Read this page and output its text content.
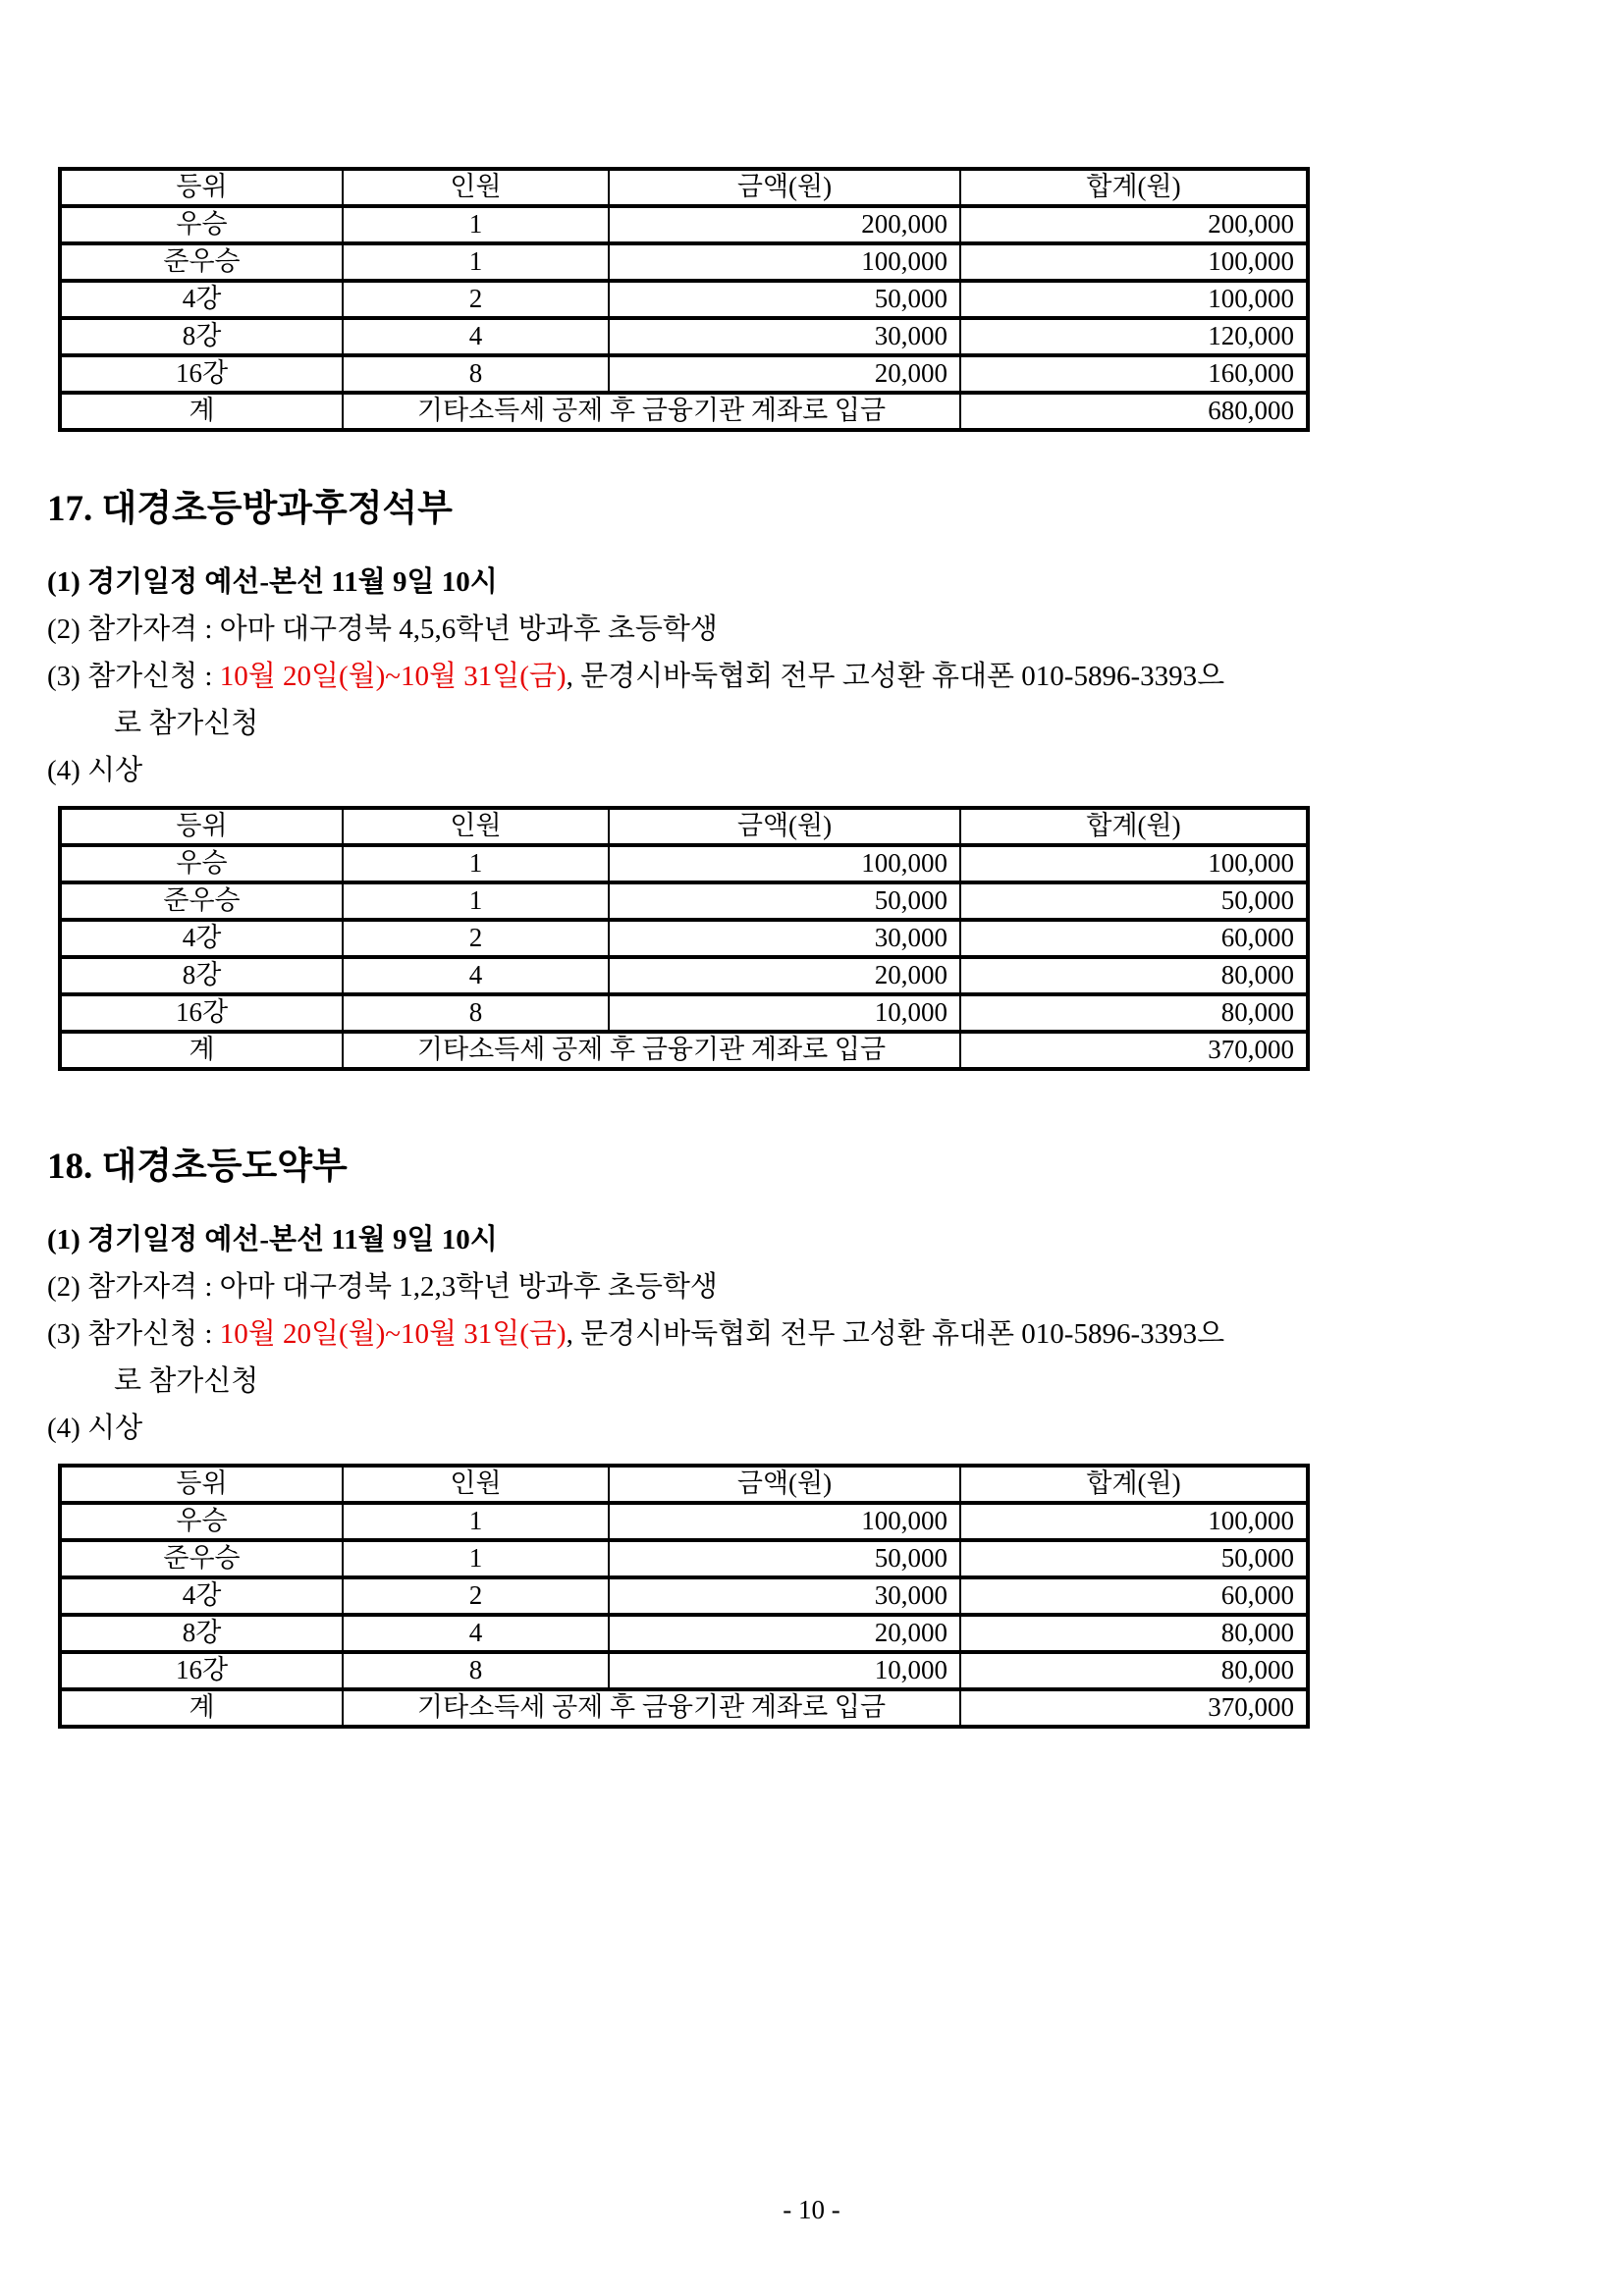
등위	인원	금액(원)	합계(원)
우승	1	200,000	200,000
준우승	1	100,000	100,000
4강	2	50,000	100,000
8강	4	30,000	120,000
16강	8	20,000	160,000
계	기타소득세 공제 후 금융기관 계좌로 입금		680,000
17. 대경초등방과후정석부
(1) 경기일정 예선-본선 11월 9일 10시
(2) 참가자격 : 아마 대구경북 4,5,6학년 방과후 초등학생
(3) 참가신청 : 10월 20일(월)~10월 31일(금), 문경시바둑협회 전무 고성환 휴대폰 010-5896-3393으
로 참가신청
(4) 시상
등위	인원	금액(원)	합계(원)
우승	1	100,000	100,000
준우승	1	50,000	50,000
4강	2	30,000	60,000
8강	4	20,000	80,000
16강	8	10,000	80,000
계	기타소득세 공제 후 금융기관 계좌로 입금		370,000
18. 대경초등도약부
(1) 경기일정 예선-본선 11월 9일 10시
(2) 참가자격 : 아마 대구경북 1,2,3학년 방과후 초등학생
(3) 참가신청 : 10월 20일(월)~10월 31일(금), 문경시바둑협회 전무 고성환 휴대폰 010-5896-3393으
로 참가신청
(4) 시상
등위	인원	금액(원)	합계(원)
우승	1	100,000	100,000
준우승	1	50,000	50,000
4강	2	30,000	60,000
8강	4	20,000	80,000
16강	8	10,000	80,000
계	기타소득세 공제 후 금융기관 계좌로 입금		370,000
- 10 -
